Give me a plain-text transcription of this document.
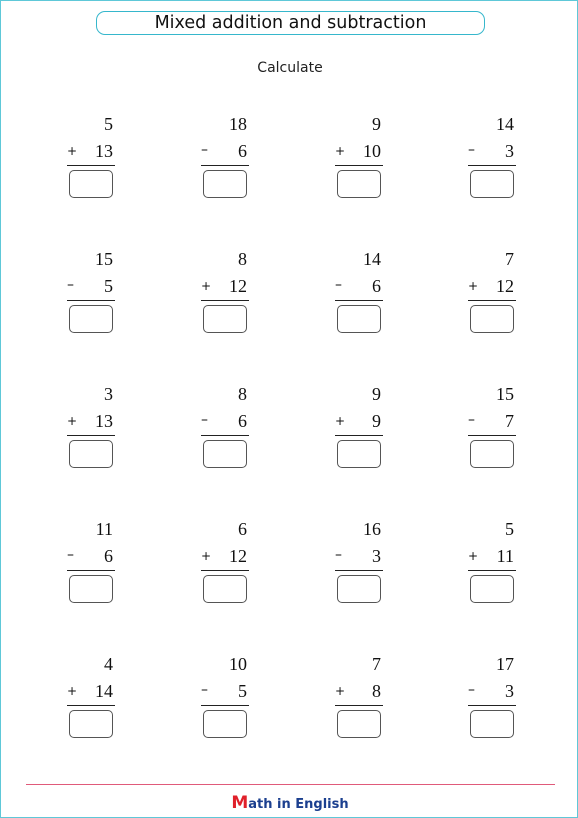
Mixed addition and subtraction
Calculate
5
+ 13
18
–	6
9
+ 10
14
–	3
15
–	5
8
+ 12
14
–	6
7
+ 12
3
+ 13
8
–	6
9
+	9
15
–	7
11
–	6
6
+ 12
16
–	3
5
+	11
4
+ 14
10
–	5
7
+	8
17
–	3
Math in English
